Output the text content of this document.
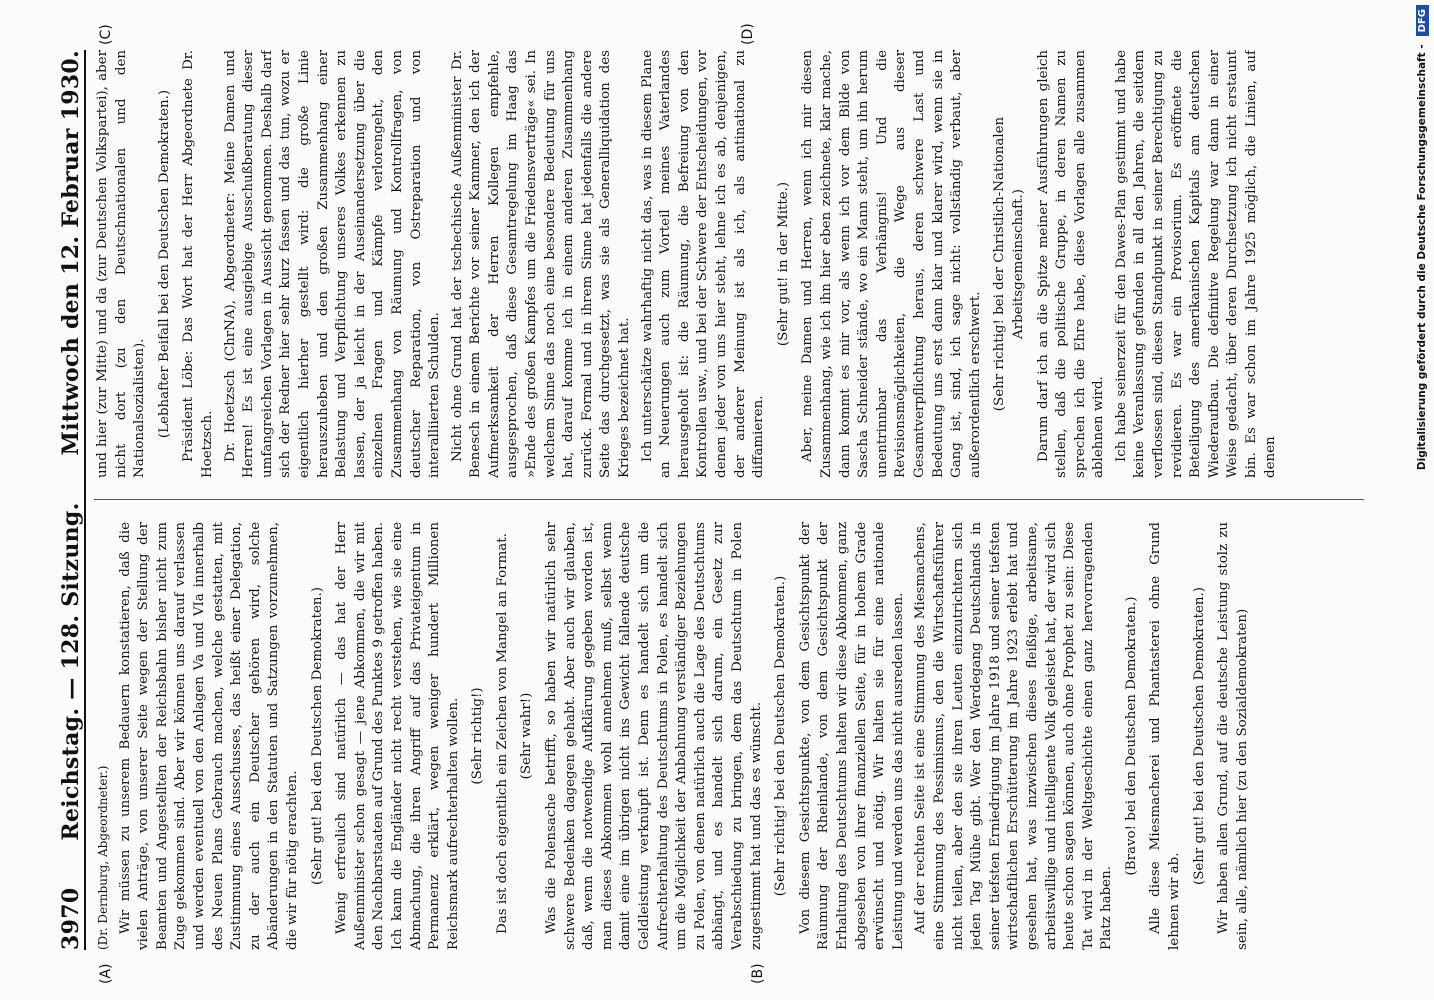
3970
Reichstag. — 128. Sitzung.
Mittwoch den 12. Februar 1930.
(A)	(B)
(C)	(D)

(Dr. Dernburg, Abgeordneter.) Wir müssen zu unserem Bedauern konstatieren, daß die vielen Anträge, von unserer Seite wegen der Stellung der Beamten und Angestellten der Reichsbahn bisher nicht zum Zuge gekommen sind. Aber wir können uns darauf verlassen und werden eventuell von den Anlagen Va und VIa innerhalb des Neuen Plans Gebrauch machen, welche gestatten, mit Zustimmung eines Ausschusses, das heißt einer Delegation, zu der auch ein Deutscher gehören wird, solche Abänderungen in den Statuten und Satzungen vorzunehmen, die wir für nötig erachten. (Sehr gut! bei den Deutschen Demokraten.) Wenig erfreulich sind natürlich — das hat der Herr Außenminister schon gesagt — jene Abkommen, die wir mit den Nachbarstaaten auf Grund des Punktes 9 getroffen haben. Ich kann die Engländer nicht recht verstehen, wie sie eine Abmachung, die ihren Angriff auf das Privateigentum in Permanenz erklärt, wegen weniger hundert Millionen Reichsmark aufrechterhalten wollen. (Sehr richtig!) Das ist doch eigentlich ein Zeichen von Mangel an Format. (Sehr wahr!) Was die Polensache betrifft, so haben wir natürlich sehr schwere Bedenken dagegen gehabt. Aber auch wir glauben, daß, wenn die notwendige Aufklärung gegeben worden ist, man dieses Abkommen wohl annehmen muß, selbst wenn damit eine im übrigen nicht ins Gewicht fallende deutsche Geldleistung verknüpft ist. Denn es handelt sich um die Aufrechterhaltung des Deutschtums in Polen, es handelt sich um die Möglichkeit der Anbahnung verständiger Beziehungen zu Polen, von denen natürlich auch die Lage des Deutschtums abhängt, und es handelt sich darum, ein Gesetz zur Verabschiedung zu bringen, dem das Deutschtum in Polen zugestimmt hat und das es wünscht. (Sehr richtig! bei den Deutschen Demokraten.) Von diesem Gesichtspunkte, von dem Gesichtspunkt der Räumung der Rheinlande, von dem Gesichtspunkt der Erhaltung des Deutschtums halten wir diese Abkommen, ganz abgesehen von ihrer finanziellen Seite, für in hohem Grade erwünscht und nötig. Wir halten sie für eine nationale Leistung und werden uns das nicht ausreden lassen. Auf der rechten Seite ist eine Stimmung des Miesmachens, eine Stimmung des Pessimismus, den die Wirtschaftsführer nicht teilen, aber den sie ihren Leuten einzutrichtern sich jeden Tag Mühe gibt. Wer den Werdegang Deutschlands in seiner tiefsten Erniedrigung im Jahre 1918 und seiner tiefsten wirtschaftlichen Erschütterung im Jahre 1923 erlebt hat und gesehen hat, was inzwischen dieses fleißige, arbeitsame, arbeitswillige und intelligente Volk geleistet hat, der wird sich heute schon sagen können, auch ohne Prophet zu sein: Diese Tat wird in der Weltgeschichte einen ganz hervorragenden Platz haben.

(Bravo! bei den Deutschen Demokraten.) Alle diese Miesmacherei und Phantasterei ohne Grund lehnen wir ab.

(Sehr gut! bei den Deutschen Demokraten.) Wir haben allen Grund, auf die deutsche Leistung stolz zu sein, alle, nämlich hier (zu den Sozialdemokraten)

und hier (zur Mitte) und da (zur Deutschen Volkspartei), aber nicht dort (zu den Deutschnationalen und den Nationalsozialisten). (Lebhafter Beifall bei den Deutschen Demokraten.) Präsident Löbe: Das Wort hat der Herr Abgeordnete Dr. Hoetzsch. Dr. Hoetzsch (ChrNA), Abgeordneter: Meine Damen und Herren! Es ist eine ausgiebige Ausschußberatung dieser umfangreichen Vorlagen in Aussicht genommen. Deshalb darf sich der Redner hier sehr kurz fassen und das tun, wozu er eigentlich hierher gestellt wird: die große Linie herauszuheben und den großen Zusammenhang einer Belastung und Verpflichtung unseres Volkes erkennen zu lassen, der ja leicht in der Auseinandersetzung über die einzelnen Fragen und Kämpfe verlorengeht, den Zusammenhang von Räumung und Kontrollfragen, von deutscher Reparation, von Ostreparation und von interalliierten Schulden. Nicht ohne Grund hat der tschechische Außenminister Dr. Benesch in einem Berichte vor seiner Kammer, den ich der Aufmerksamkeit der Herren Kollegen empfehle, ausgesprochen, daß diese Gesamtregelung im Haag das »Ende des großen Kampfes um die Friedensverträge« sei. In welchem Sinne das noch eine besondere Bedeutung für uns hat, darauf komme ich in einem anderen Zusammenhang zurück. Formal und in ihrem Sinne hat jedenfalls die andere Seite das durchgesetzt, was sie als Generalliquidation des Krieges bezeichnet hat. Ich unterschätze wahrhaftig nicht das, was in diesem Plane an Neuerungen auch zum Vorteil meines Vaterlandes herausgeholt ist: die Räumung, die Befreiung von den Kontrollen usw., und bei der Schwere der Entscheidungen, vor denen jeder von uns hier steht, lehne ich es ab, denjenigen, der anderer Meinung ist als ich, als antinational zu diffamieren.

(Sehr gut! in der Mitte.) Aber, meine Damen und Herren, wenn ich mir diesen Zusammenhang, wie ich ihn hier eben zeichnete, klar mache, dann kommt es mir vor, als wenn ich vor dem Bilde von Sascha Schneider stände, wo ein Mann steht, um ihn herum unentrinnbar das Verhängnis! Und die Revisionsmöglichkeiten, die Wege aus dieser Gesamtverpflichtung heraus, deren schwere Last und Bedeutung uns erst dann klar und klarer wird, wenn sie in Gang ist, sind, ich sage nicht: vollständig verbaut, aber außerordentlich erschwert. (Sehr richtig! bei der Christlich-Nationalen Arbeitsgemeinschaft.) Darum darf ich an die Spitze meiner Ausführungen gleich stellen, daß die politische Gruppe, in deren Namen zu sprechen ich die Ehre habe, diese Vorlagen alle zusammen ablehnen wird. Ich habe seinerzeit für den Dawes-Plan gestimmt und habe keine Veranlassung gefunden in all den Jahren, die seitdem verflossen sind, diesen Standpunkt in seiner Berechtigung zu revidieren. Es war ein Provisorium. Es eröffnete die Beteiligung des amerikanischen Kapitals am deutschen Wiederaufbau. Die definitive Regelung war dann in einer Weise gedacht, über deren Durchsetzung ich nicht erstaunt bin. Es war schon im Jahre 1925 möglich, die Linien, auf denen	Digitalisierung gefördert durch die Deutsche Forschungsgemeinschaft -
DFG
